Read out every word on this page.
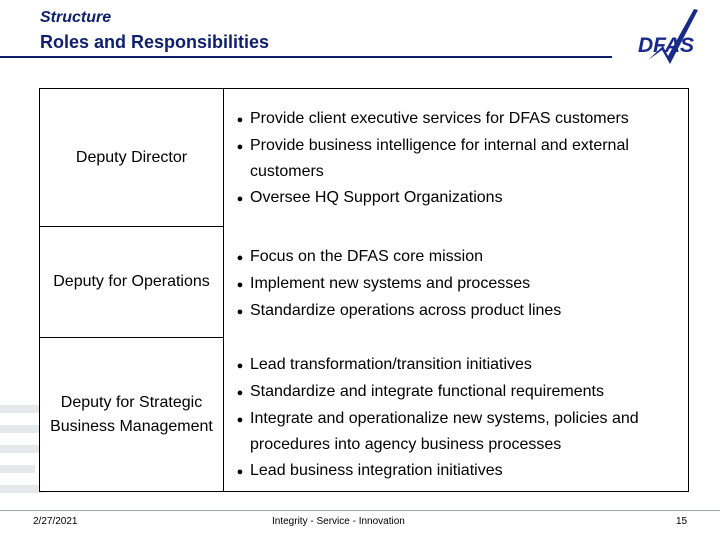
Structure
Roles and Responsibilities	DFAS
Deputy Director
● Provide client executive services for DFAS customers
● Provide business intelligence for internal and external customers
● Oversee HQ Support Organizations
Deputy for Operations
● Focus on the DFAS core mission
● Implement new systems and processes
● Standardize operations across product lines
Deputy for Strategic Business Management
● Lead transformation/transition initiatives
● Standardize and integrate functional requirements
● Integrate and operationalize new systems, policies and procedures into agency business processes
● Lead business integration initiatives
2/27/2021	Integrity - Service - Innovation	15
